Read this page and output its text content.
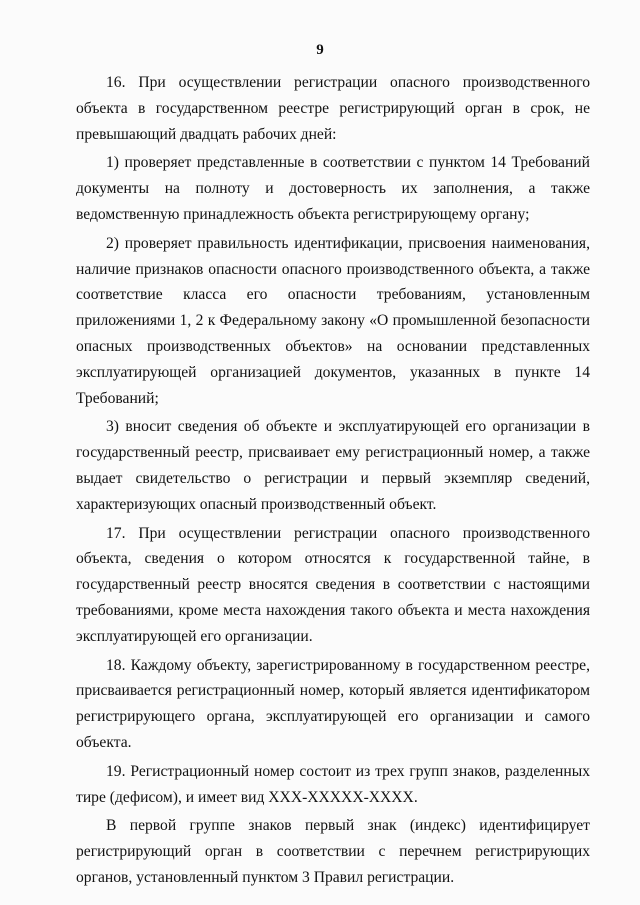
9

16. При осуществлении регистрации опасного производственного объекта в государственном реестре регистрирующий орган в срок, не превышающий двадцать рабочих дней:

1) проверяет представленные в соответствии с пунктом 14 Требований документы на полноту и достоверность их заполнения, а также ведомственную принадлежность объекта регистрирующему органу;

2) проверяет правильность идентификации, присвоения наименования, наличие признаков опасности опасного производственного объекта, а также соответствие класса его опасности требованиям, установленным приложениями 1, 2 к Федеральному закону «О промышленной безопасности опасных производственных объектов» на основании представленных эксплуатирующей организацией документов, указанных в пункте 14 Требований;

3) вносит сведения об объекте и эксплуатирующей его организации в государственный реестр, присваивает ему регистрационный номер, а также выдает свидетельство о регистрации и первый экземпляр сведений, характеризующих опасный производственный объект.

17. При осуществлении регистрации опасного производственного объекта, сведения о котором относятся к государственной тайне, в государственный реестр вносятся сведения в соответствии с настоящими требованиями, кроме места нахождения такого объекта и места нахождения эксплуатирующей его организации.

18. Каждому объекту, зарегистрированному в государственном реестре, присваивается регистрационный номер, который является идентификатором регистрирующего органа, эксплуатирующей его организации и самого объекта.

19. Регистрационный номер состоит из трех групп знаков, разделенных тире (дефисом), и имеет вид ХХХ-ХХХХХ-ХХХХ.

В первой группе знаков первый знак (индекс) идентифицирует регистрирующий орган в соответствии с перечнем регистрирующих органов, установленный пунктом 3 Правил регистрации.
